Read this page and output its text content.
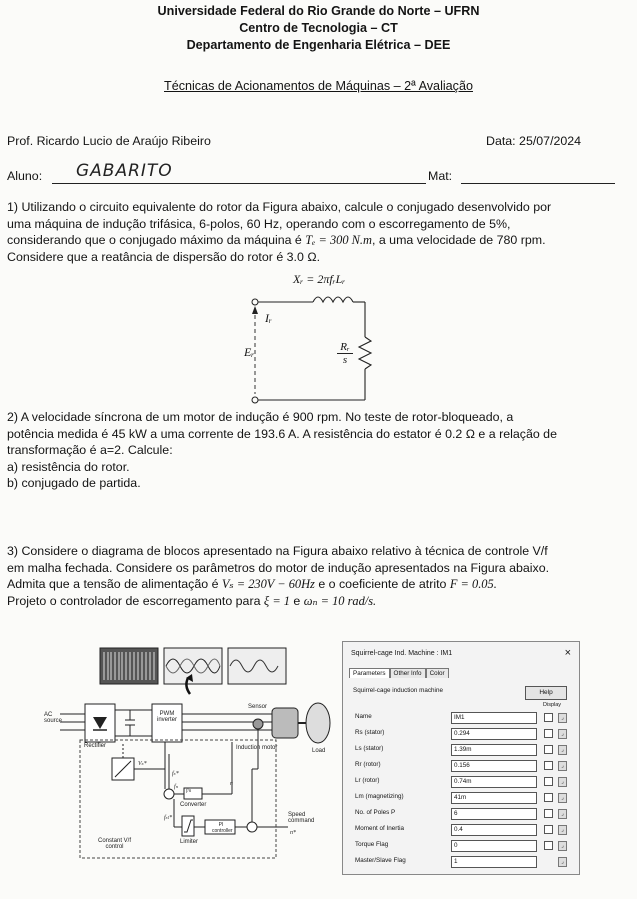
Universidade Federal do Rio Grande do Norte – UFRN
Centro de Tecnologia – CT
Departamento de Engenharia Elétrica – DEE
Técnicas de Acionamentos de Máquinas – 2ª Avaliação
Prof. Ricardo Lucio de Araújo Ribeiro	Data: 25/07/2024
Aluno: GABARITO	Mat:
1) Utilizando o circuito equivalente do rotor da Figura abaixo, calcule o conjugado desenvolvido por
uma máquina de indução trifásica, 6-polos, 60 Hz, operando com o escorregamento de 5%,
considerando que o conjugado máximo da máquina é Tₑ = 300 N.m, a uma velocidade de 780 rpm.
Considere que a reatância de dispersão do rotor é 3.0 Ω.
Xᵣ = 2πfᵣLᵣ
Iᵣ
Eᵣ	$\frac{\text{Rᵣ}}{s}$
2) A velocidade síncrona de um motor de indução é 900 rpm. No teste de rotor-bloqueado, a
potência medida é 45 kW a uma corrente de 193.6 A. A resistência do estator é 0.2 Ω e a relação de
transformação é a=2. Calcule:
a) resistência do rotor.
b) conjugado de partida.
3) Considere o diagrama de blocos apresentado na Figura abaixo relativo à técnica de controle V/f
em malha fechada. Considere os parâmetros do motor de indução apresentados na Figura abaixo.
Admita que a tensão de alimentação é Vₛ = 230V − 60Hz e o coeficiente de atrito F = 0.05.
Projeto o controlador de escorregamento para ξ = 1 e ωₙ = 10 rad/s.
AC
source
Rectifier
PWM
inverter
Sensor
Induction motor	Load
Converter
Speed
command
Limiter
PI
controller
Constant V/f
control
Vₛ*
fₛ*
fₙ
fₛₗ*
n
n*
f/n
Squirrel-cage Ind. Machine : IM1	×
Parameters	Other Info	Color
Squirrel-cage induction machine	Help
Display
Name	IM1	⌟
Rs (stator)	0.294	⌟
Ls (stator)	1.39m	⌟
Rr (rotor)	0.156	⌟
Lr (rotor)	0.74m	⌟
Lm (magnetizing)	41m	⌟
No. of Poles P	6	⌟
Moment of Inertia	0.4	⌟
Torque Flag	0	⌟
Master/Slave Flag	1	⌟
